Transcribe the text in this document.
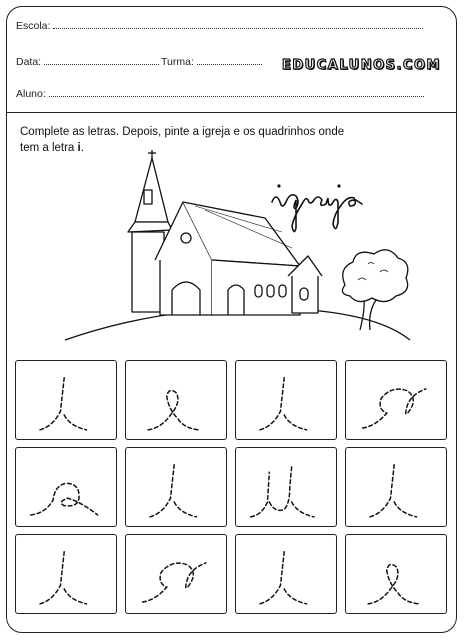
Escola:
Data:	Turma:	EDUCALUNOS.COM
Aluno:
Complete as letras. Depois, pinte a igreja e os quadrinhos onde
tem a letra i.
